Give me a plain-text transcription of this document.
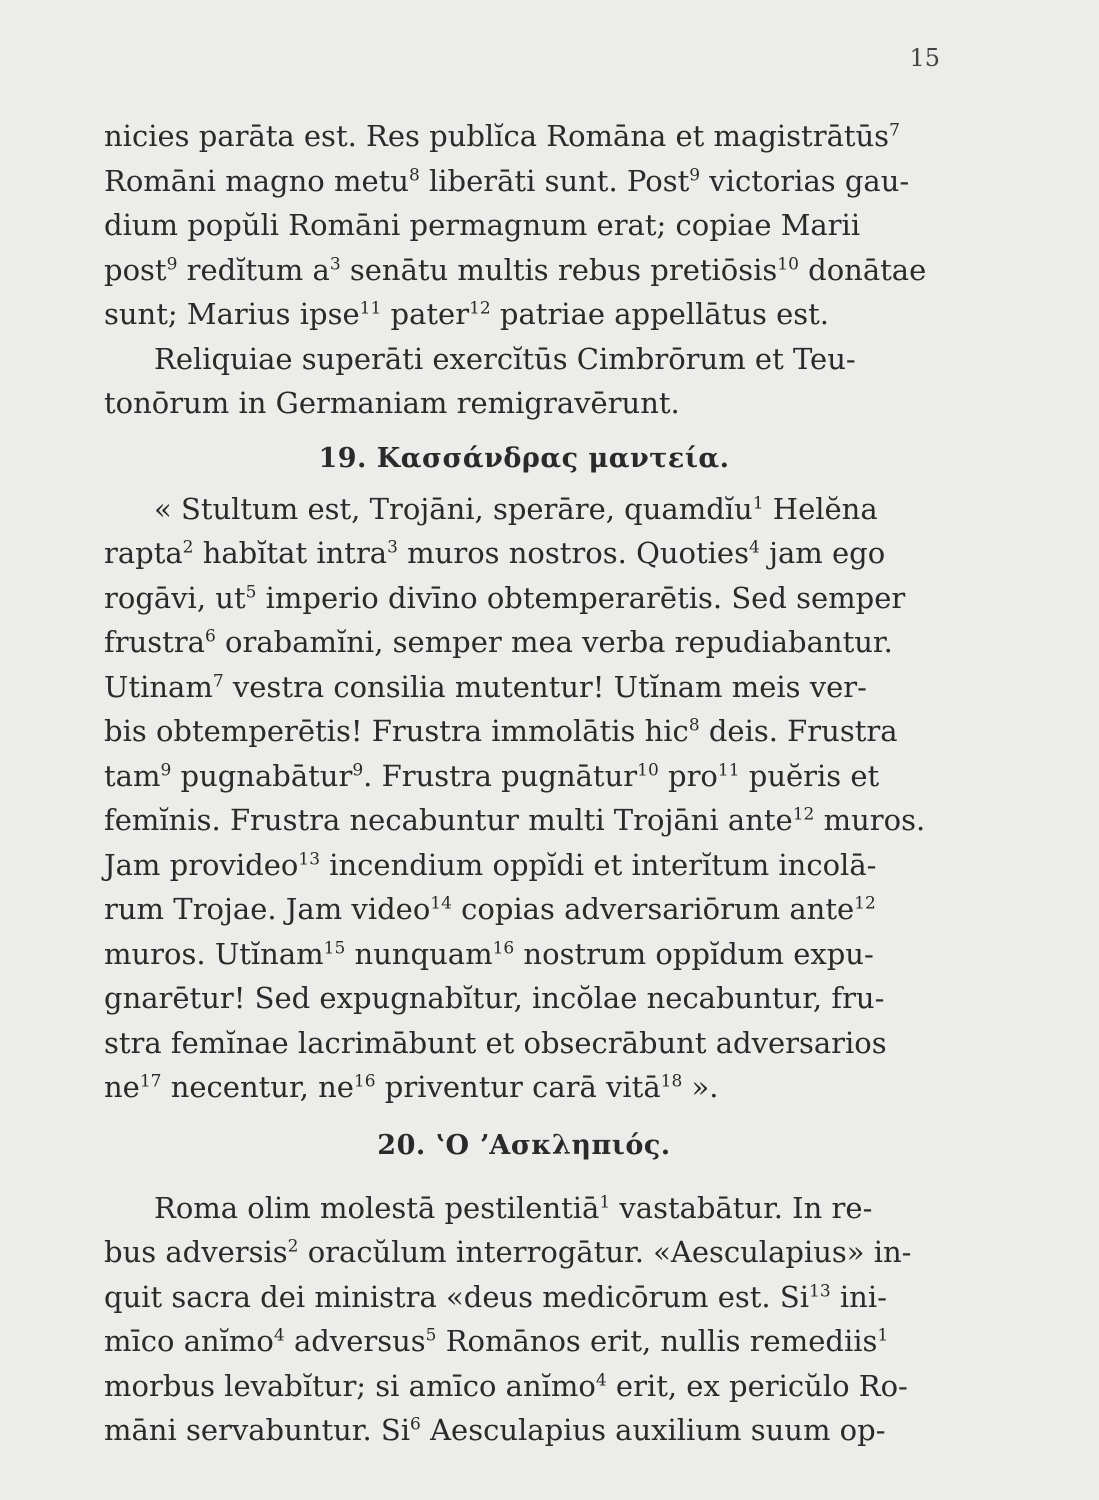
15
nicies parāta est. Res publĭca Romāna et magistrātūs$^7$
Romāni magno metu$^8$ liberāti sunt. Post$^9$ victorias gau-
dium popŭli Romāni permagnum erat; copiae Marii
post$^9$ redĭtum $a^3$ senātu multis rebus pretiōsis$^{10}$ donātae
sunt; Marius ipse$^{11}$ pater$^{12}$ patriae appellātus est.
Reliquiae superāti exercĭtūs Cimbrōrum et Teu-
tonōrum in Germaniam remigravērunt.
19. Κασσάνδρας μαντεία.
« Stultum est, Trojāni, sperāre, quamdĭu$^1$ Helĕna
rapta$^2$ habĭtat intra$^3$ muros nostros. Quoties$^4$ jam ego
rogāvi, $ut^5$ imperio divīno obtemperarētis. Sed semper
frustra$^6$ orabamĭni, semper mea verba repudiabantur.
Utinam$^7$ vestra consilia mutentur! Utĭnam meis ver-
bis obtemperētis! Frustra immolātis hic$^8$ deis. Frustra
tam$^9$ pugnabātur$^9$. Frustra pugnātur$^{10}$ pro$^{11}$ puĕris et
femĭnis. Frustra necabuntur multi Trojāni ante$^{12}$ muros.
Jam provideo$^{13}$ incendium oppĭdi et interĭtum incolā-
rum Trojae. Jam video$^{14}$ copias adversariōrum ante$^{12}$
muros. Utĭnam$^{15}$ nunquam$^{16}$ nostrum oppĭdum expu-
gnarētur! Sed expugnabĭtur, incŏlae necabuntur, fru-
stra femĭnae lacrimābunt et obsecrābunt adversarios
$ne^{17}$ necentur, $ne^{16}$ priventur carā vitā$^{18}$ ».
20. ʽΟ ʼΑσκληπιός.
Roma olim molestā pestilentiā$^1$ vastabātur. In re-
bus adversis$^2$ oracŭlum interrogātur. «Aesculapius» in-
quit sacra dei ministra «deus medicōrum est. Si$^{13}$ ini-
mīco anĭmo$^4$ adversus$^5$ Romānos erit, nullis remediis$^1$
morbus levabĭtur; si amīco anĭmo$^4$ erit, ex pericŭlo Ro-
māni servabuntur. Si$^6$ Aesculapius auxilium suum op-
